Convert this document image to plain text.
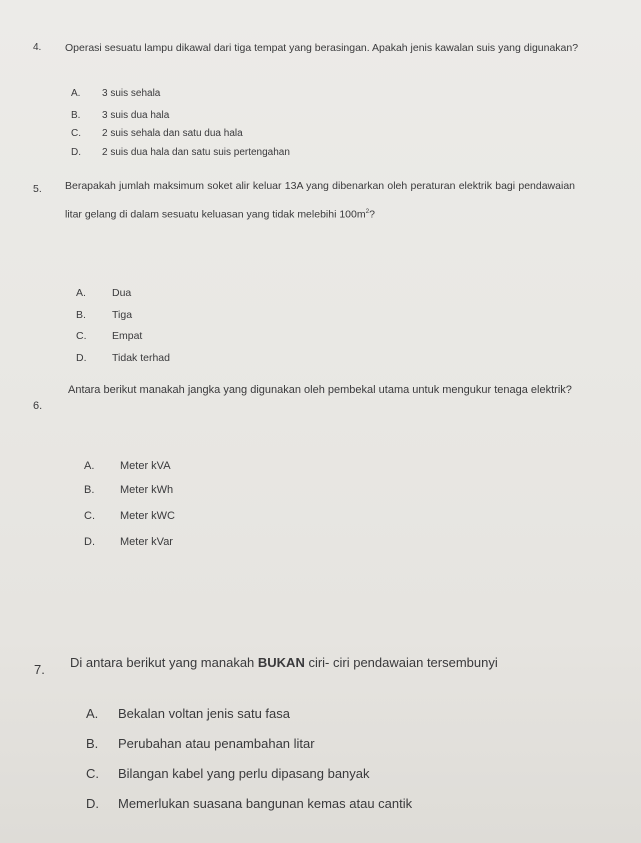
4. Operasi sesuatu lampu dikawal dari tiga tempat yang berasingan. Apakah jenis kawalan suis yang digunakan?
A. 3 suis sehala
B. 3 suis dua hala
C. 2 suis sehala dan satu dua hala
D. 2 suis dua hala dan satu suis pertengahan
5. Berapakah jumlah maksimum soket alir keluar 13A yang dibenarkan oleh peraturan elektrik bagi pendawaian litar gelang di dalam sesuatu keluasan yang tidak melebihi $100m^2$?
A. Dua
B. Tiga
C. Empat
D. Tidak terhad
6.
Antara berikut manakah jangka yang digunakan oleh pembekal utama untuk mengukur tenaga elektrik?
A. Meter kVA
B. Meter kWh
C. Meter kWC
D. Meter kVar
7. Di antara berikut yang manakah BUKAN ciri- ciri pendawaian tersembunyi
A. Bekalan voltan jenis satu fasa
B. Perubahan atau penambahan litar
C. Bilangan kabel yang perlu dipasang banyak
D. Memerlukan suasana bangunan kemas atau cantik
